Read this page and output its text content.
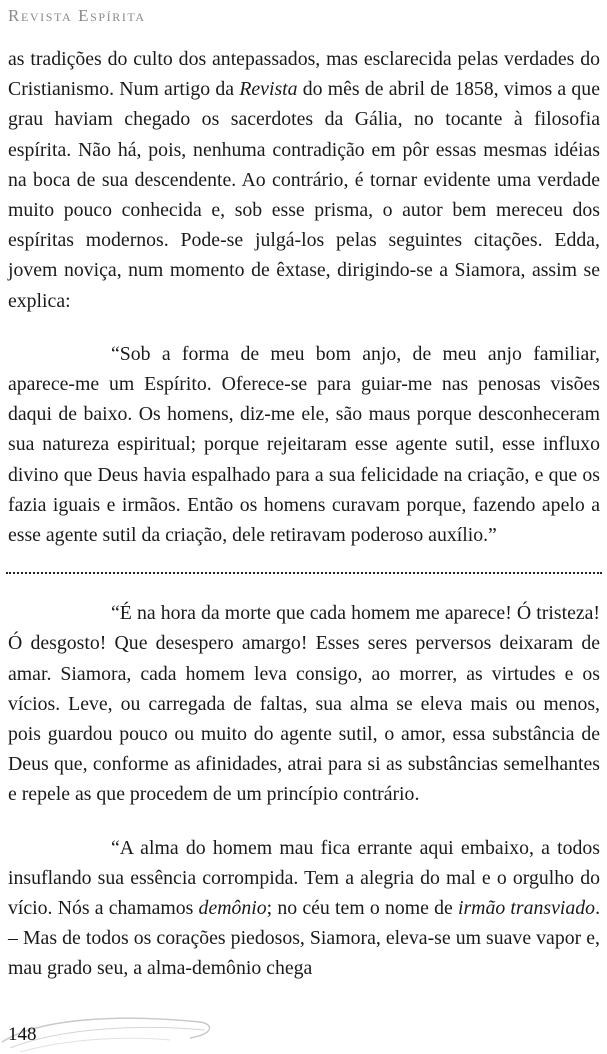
Revista Espírita

as tradições do culto dos antepassados, mas esclarecida pelas verdades do Cristianismo. Num artigo da Revista do mês de abril de 1858, vimos a que grau haviam chegado os sacerdotes da Gália, no tocante à filosofia espírita. Não há, pois, nenhuma contradição em pôr essas mesmas idéias na boca de sua descendente. Ao contrário, é tornar evidente uma verdade muito pouco conhecida e, sob esse prisma, o autor bem mereceu dos espíritas modernos. Pode-se julgá-los pelas seguintes citações. Edda, jovem noviça, num momento de êxtase, dirigindo-se a Siamora, assim se explica:

“Sob a forma de meu bom anjo, de meu anjo familiar, aparece-me um Espírito. Oferece-se para guiar-me nas penosas visões daqui de baixo. Os homens, diz-me ele, são maus porque desconheceram sua natureza espiritual; porque rejeitaram esse agente sutil, esse influxo divino que Deus havia espalhado para a sua felicidade na criação, e que os fazia iguais e irmãos. Então os homens curavam porque, fazendo apelo a esse agente sutil da criação, dele retiravam poderoso auxílio.”

“É na hora da morte que cada homem me aparece! Ó tristeza! Ó desgosto! Que desespero amargo! Esses seres perversos deixaram de amar. Siamora, cada homem leva consigo, ao morrer, as virtudes e os vícios. Leve, ou carregada de faltas, sua alma se eleva mais ou menos, pois guardou pouco ou muito do agente sutil, o amor, essa substância de Deus que, conforme as afinidades, atrai para si as substâncias semelhantes e repele as que procedem de um princípio contrário.

“A alma do homem mau fica errante aqui embaixo, a todos insuflando sua essência corrompida. Tem a alegria do mal e o orgulho do vício. Nós a chamamos demônio; no céu tem o nome de irmão transviado. – Mas de todos os corações piedosos, Siamora, eleva-se um suave vapor e, mau grado seu, a alma-demônio chega

148
